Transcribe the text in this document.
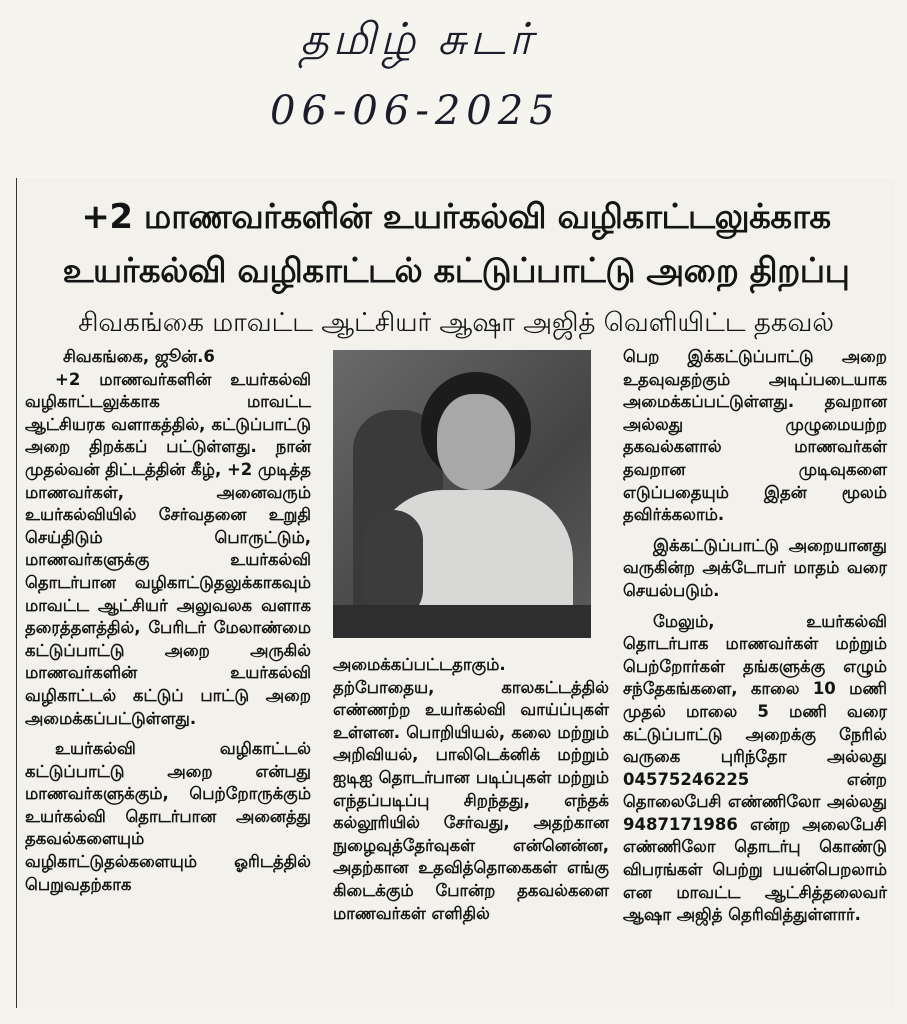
தமிழ் சுடர்
06-06-2025
+2 மாணவர்களின் உயர்கல்வி வழிகாட்டலுக்காக
உயர்கல்வி வழிகாட்டல் கட்டுப்பாட்டு அறை திறப்பு
சிவகங்கை மாவட்ட ஆட்சியர் ஆஷா அஜித் வெளியிட்ட தகவல்
சிவகங்கை, ஜூன்.6

+2 மாணவர்களின் உயர்கல்வி வழிகாட்டலுக்காக மாவட்ட ஆட்சியரக வளாகத்தில், கட்டுப்பாட்டு அறை திறக்கப் பட்டுள்ளது. நான் முதல்வன் திட்டத்தின் கீழ், +2 முடித்த மாணவர்கள், அனைவரும் உயர்கல்வியில் சேர்வதனை உறுதி செய்திடும் பொருட்டும், மாணவர்களுக்கு உயர்கல்வி தொடர்பான வழிகாட்டுதலுக்காகவும் மாவட்ட ஆட்சியர் அலுவலக வளாக தரைத்தளத்தில், பேரிடர் மேலாண்மை கட்டுப்பாட்டு அறை அருகில் மாணவர்களின் உயர்கல்வி வழிகாட்டல் கட்டுப் பாட்டு அறை அமைக்கப்பட்டுள்ளது.

உயர்கல்வி வழிகாட்டல் கட்டுப்பாட்டு அறை என்பது மாணவர்களுக்கும், பெற்றோருக்கும் உயர்கல்வி தொடர்பான அனைத்து தகவல்களையும் வழிகாட்டுதல்களையும் ஓரிடத்தில் பெறுவதற்காக

அமைக்கப்பட்டதாகும். தற்போதைய, காலகட்டத்தில் எண்ணற்ற உயர்கல்வி வாய்ப்புகள் உள்ளன. பொறியியல், கலை மற்றும் அறிவியல், பாலிடெக்னிக் மற்றும் ஐடிஐ தொடர்பான படிப்புகள் மற்றும் எந்தப்படிப்பு சிறந்தது, எந்தக் கல்லூரியில் சேர்வது, அதற்கான நுழைவுத்தேர்வுகள் என்னென்ன, அதற்கான உதவித்தொகைகள் எங்கு கிடைக்கும் போன்ற தகவல்களை மாணவர்கள் எளிதில்

பெற இக்கட்டுப்பாட்டு அறை உதவுவதற்கும் அடிப்படையாக அமைக்கப்பட்டுள்ளது. தவறான அல்லது முழுமையற்ற தகவல்களால் மாணவர்கள் தவறான முடிவுகளை எடுப்பதையும் இதன் மூலம் தவிர்க்கலாம்.

இக்கட்டுப்பாட்டு அறையானது வருகின்ற அக்டோபர் மாதம் வரை செயல்படும்.

மேலும், உயர்கல்வி தொடர்பாக மாணவர்கள் மற்றும் பெற்றோர்கள் தங்களுக்கு எழும் சந்தேகங்களை, காலை 10 மணி முதல் மாலை 5 மணி வரை கட்டுப்பாட்டு அறைக்கு நேரில் வருகை புரிந்தோ அல்லது 04575246225 என்ற தொலைபேசி எண்ணிலோ அல்லது 9487171986 என்ற அலைபேசி எண்ணிலோ தொடர்பு கொண்டு விபரங்கள் பெற்று பயன்பெறலாம் என மாவட்ட ஆட்சித்தலைவர் ஆஷா அஜித் தெரிவித்துள்ளார்.
